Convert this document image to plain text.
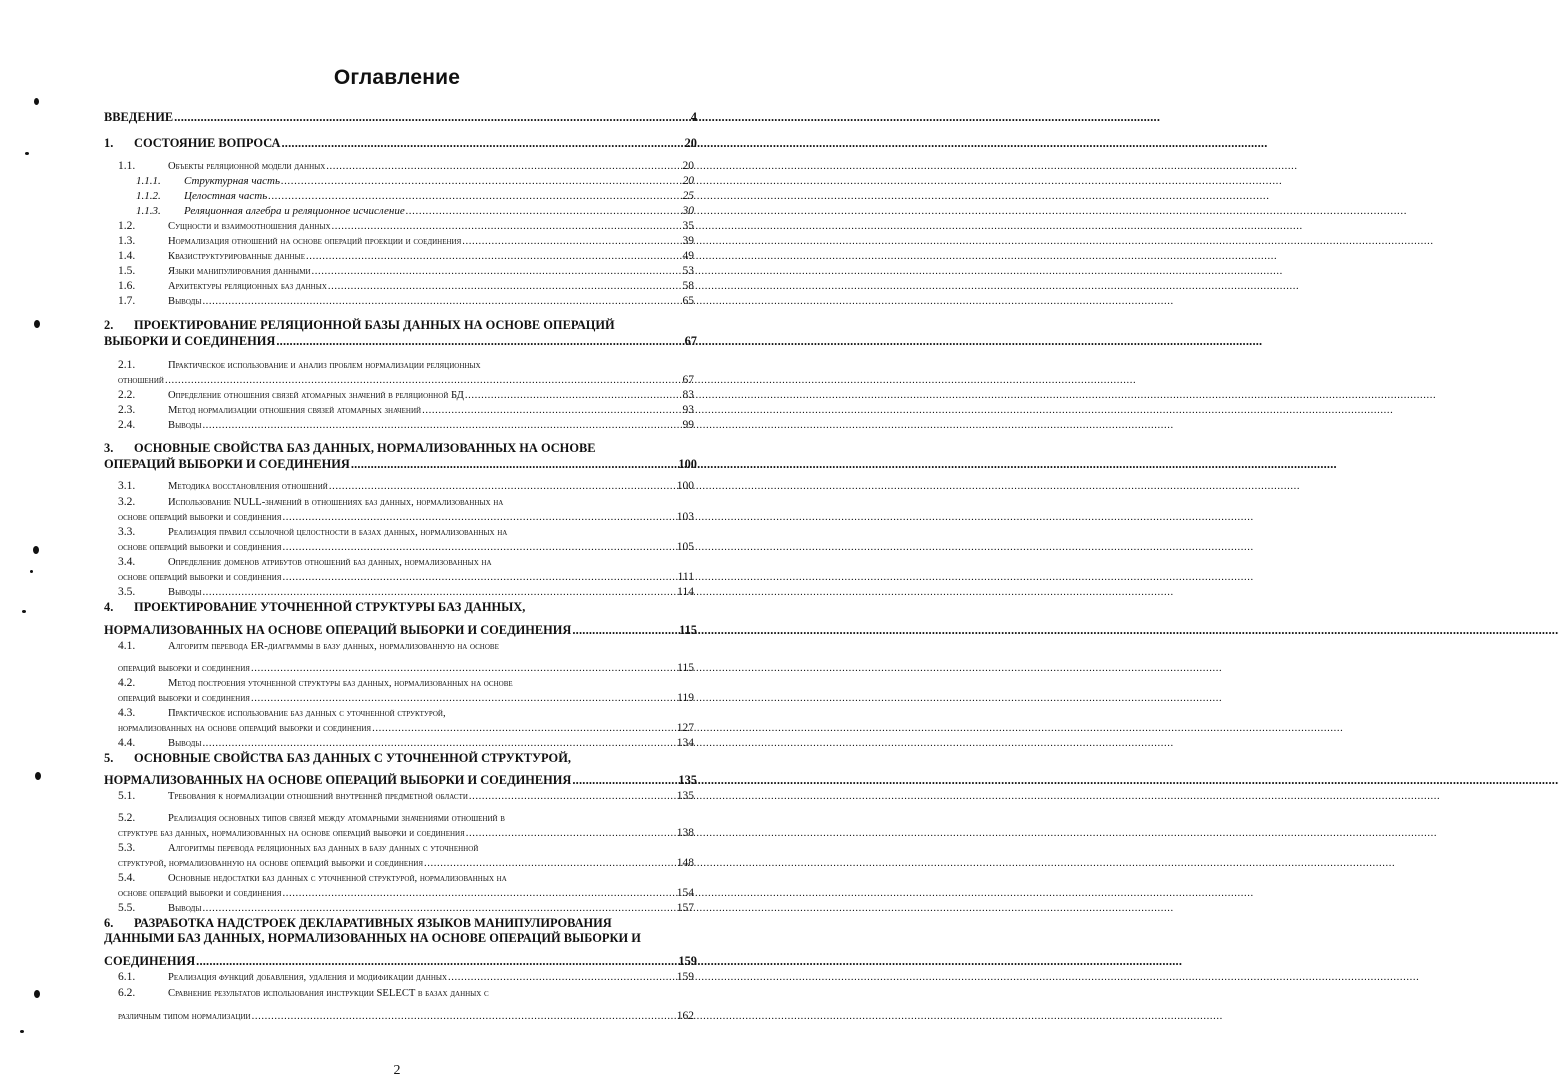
Оглавление
ВВЕДЕНИЕ .....	4
1. СОСТОЯНИЕ ВОПРОСА .....	20
1.1.	Объекты реляционной модели данных .....	20
1.1.1. Структурная часть .....	20
1.1.2. Целостная часть .....	25
1.1.3. Реляционная алгебра и реляционное исчисление .....	30
1.2.	Сущности и взаимоотношения данных .....	35
1.3.	Нормализация отношений на основе операций проекции и соединения .....	39
1.4.	Квазиструктурированные данные .....	49
1.5.	Языки манипулирования данными .....	53
1.6.	Архитектуры реляционных баз данных .....	58
1.7.	Выводы .....	65
2. ПРОЕКТИРОВАНИЕ РЕЛЯЦИОННОЙ БАЗЫ ДАННЫХ НА ОСНОВЕ ОПЕРАЦИЙ
ВЫБОРКИ И СОЕДИНЕНИЯ .....	67
2.1.	Практическое использование и анализ проблем нормализации реляционных
отношений .....	67
2.2.	Определение отношения связей атомарных значений в реляционной БД .....	83
2.3.	Метод нормализации отношения связей атомарных значений .....	93
2.4.	Выводы .....	99
3. ОСНОВНЫЕ СВОЙСТВА БАЗ ДАННЫХ, НОРМАЛИЗОВАННЫХ НА ОСНОВЕ
ОПЕРАЦИЙ ВЫБОРКИ И СОЕДИНЕНИЯ .....	100
3.1.	Методика восстановления отношений .....	100
3.2.	Использование NULL-значений в отношениях баз данных, нормализованных на
основе операций выборки и соединения .....	103
3.3.	Реализация правил ссылочной целостности в базах данных, нормализованных на
основе операций выборки и соединения .....	105
3.4.	Определение доменов атрибутов отношений баз данных, нормализованных на
основе операций выборки и соединения .....	111
3.5.	Выводы .....	114
4. ПРОЕКТИРОВАНИЕ УТОЧНЕННОЙ СТРУКТУРЫ БАЗ ДАННЫХ,
НОРМАЛИЗОВАННЫХ НА ОСНОВЕ ОПЕРАЦИЙ ВЫБОРКИ И СОЕДИНЕНИЯ .....	115
4.1.	Алгоритм перевода ER-диаграммы в базу данных, нормализованную на основе
операций выборки и соединения .....	115
4.2.	Метод построения уточненной структуры баз данных, нормализованных на основе
операций выборки и соединения .....	119
4.3.	Практическое использование баз данных с уточненной структурой,
нормализованных на основе операций выборки и соединения .....	127
4.4.	Выводы .....	134
5. ОСНОВНЫЕ СВОЙСТВА БАЗ ДАННЫХ С УТОЧНЕННОЙ СТРУКТУРОЙ,
НОРМАЛИЗОВАННЫХ НА ОСНОВЕ ОПЕРАЦИЙ ВЫБОРКИ И СОЕДИНЕНИЯ .....	135
5.1.	Требования к нормализации отношений внутренней предметной области .....	135
5.2.	Реализация основных типов связей между атомарными значениями отношений в
структуре баз данных, нормализованных на основе операций выборки и соединения .....	138
5.3.	Алгоритмы перевода реляционных баз данных в базу данных с уточненной
структурой, нормализованную на основе операций выборки и соединения .....	148
5.4.	Основные недостатки баз данных с уточненной структурой, нормализованных на
основе операций выборки и соединения .....	154
5.5.	Выводы .....	157
6. РАЗРАБОТКА НАДСТРОЕК ДЕКЛАРАТИВНЫХ ЯЗЫКОВ МАНИПУЛИРОВАНИЯ
ДАННЫМИ БАЗ ДАННЫХ, НОРМАЛИЗОВАННЫХ НА ОСНОВЕ ОПЕРАЦИЙ ВЫБОРКИ И
СОЕДИНЕНИЯ .....	159
6.1.	Реализация функций добавления, удаления и модификации данных .....	159
6.2.	Сравнение результатов использования инструкции SELECT в базах данных с
различным типом нормализации .....	162
2
